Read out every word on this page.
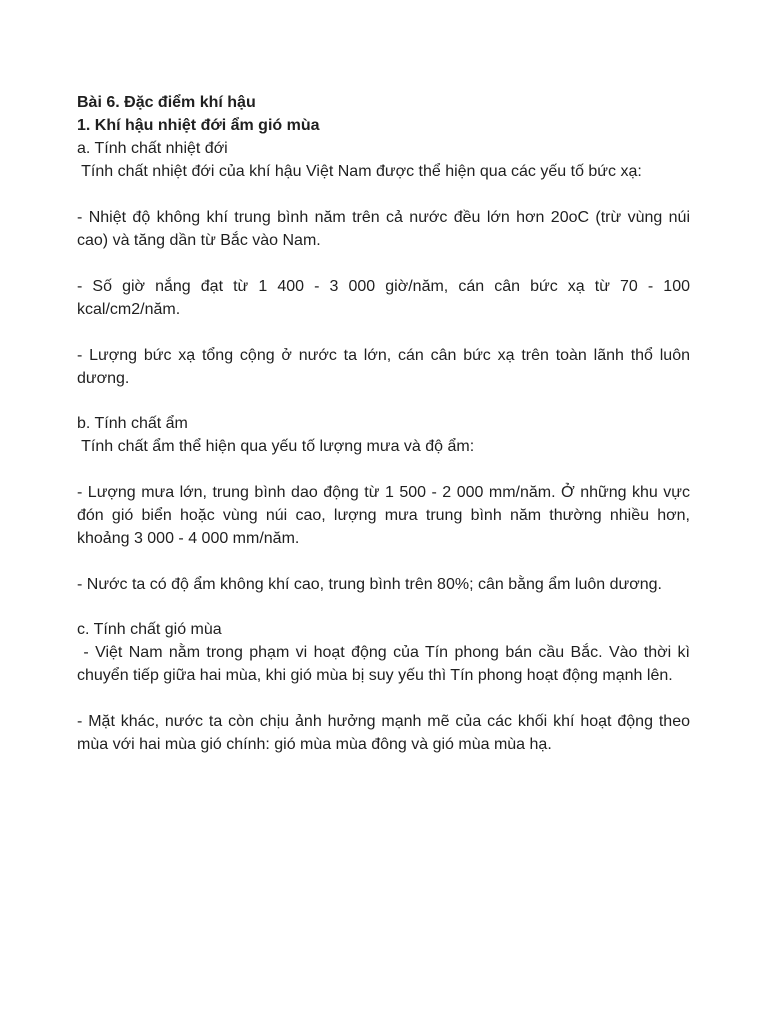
Bài 6. Đặc điểm khí hậu
1. Khí hậu nhiệt đới ẩm gió mùa
a. Tính chất nhiệt đới

Tính chất nhiệt đới của khí hậu Việt Nam được thể hiện qua các yếu tố bức xạ:

- Nhiệt độ không khí trung bình năm trên cả nước đều lớn hơn 20oC (trừ vùng núi cao) và tăng dần từ Bắc vào Nam.

- Số giờ nắng đạt từ 1 400 - 3 000 giờ/năm, cán cân bức xạ từ 70 - 100 kcal/cm2/năm.

- Lượng bức xạ tổng cộng ở nước ta lớn, cán cân bức xạ trên toàn lãnh thổ luôn dương.

b. Tính chất ẩm

Tính chất ẩm thể hiện qua yếu tố lượng mưa và độ ẩm:

- Lượng mưa lớn, trung bình dao động từ 1 500 - 2 000 mm/năm. Ở những khu vực đón gió biển hoặc vùng núi cao, lượng mưa trung bình năm thường nhiều hơn, khoảng 3 000 - 4 000 mm/năm.

- Nước ta có độ ẩm không khí cao, trung bình trên 80%; cân bằng ẩm luôn dương.

c. Tính chất gió mùa

- Việt Nam nằm trong phạm vi hoạt động của Tín phong bán cầu Bắc. Vào thời kì chuyển tiếp giữa hai mùa, khi gió mùa bị suy yếu thì Tín phong hoạt động mạnh lên.

- Mặt khác, nước ta còn chịu ảnh hưởng mạnh mẽ của các khối khí hoạt động theo mùa với hai mùa gió chính: gió mùa mùa đông và gió mùa mùa hạ.
